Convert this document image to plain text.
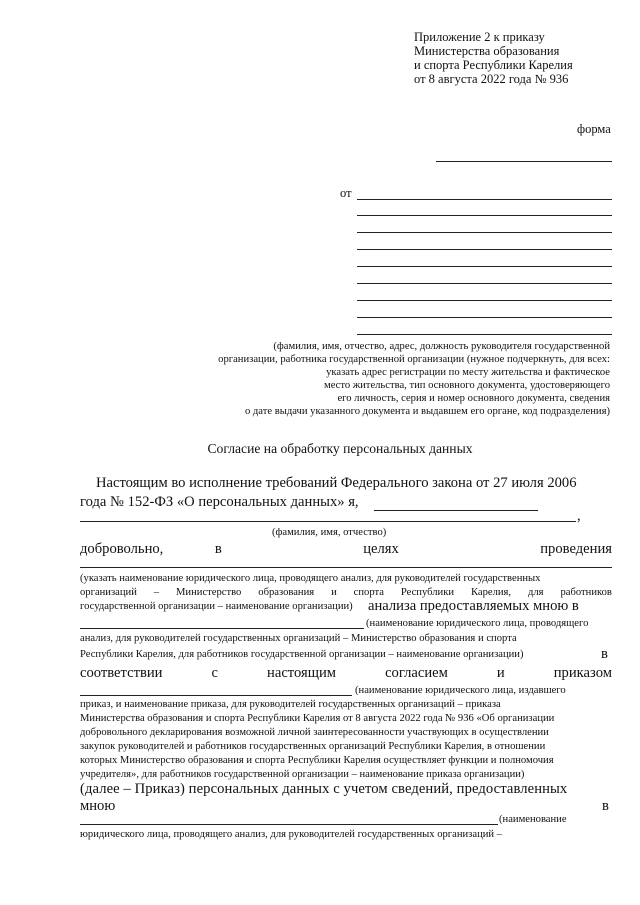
Приложение 2 к приказу
Министерства образования
и спорта Республики Карелия
от 8 августа 2022 года № 936
форма
от
(фамилия, имя, отчество, адрес, должность руководителя государственной
организации, работника государственной организации (нужное подчеркнуть, для всех:
указать адрес регистрации по месту жительства и фактическое
место жительства, тип основного документа, удостоверяющего
его личность, серия и номер основного документа, сведения
о дате выдачи указанного документа и выдавшем его органе, код подразделения)
Согласие на обработку персональных данных
Настоящим во исполнение требований Федерального закона от 27 июля 2006
года № 152-ФЗ «О персональных данных» я,
,
(фамилия, имя, отчество)
добровольно,	в	целях	проведения
(указать наименование юридического лица, проводящего анализ, для руководителей государственных
организаций – Министерство образования и спорта Республики Карелия, для работников
государственной организации – наименование организации) анализа предоставляемых мною в
(наименование юридического лица, проводящего
анализ, для руководителей государственных организаций – Министерство образования и спорта
Республики Карелия, для работников государственной организации – наименование организации)	в
соответствии	с	настоящим	согласием	и	приказом
(наименование юридического лица, издавшего
приказ, и наименование приказа, для руководителей государственных организаций – приказа
Министерства образования и спорта Республики Карелия от 8 августа 2022 года № 936 «Об организации
добровольного декларирования возможной личной заинтересованности участвующих в осуществлении
закупок руководителей и работников государственных организаций Республики Карелия, в отношении
которых Министерство образования и спорта Республики Карелия осуществляет функции и полномочия
учредителя», для работников государственной организации – наименование приказа организации)
(далее – Приказ) персональных данных с учетом сведений, предоставленных
мною	в
(наименование
юридического лица, проводящего анализ, для руководителей государственных организаций –
